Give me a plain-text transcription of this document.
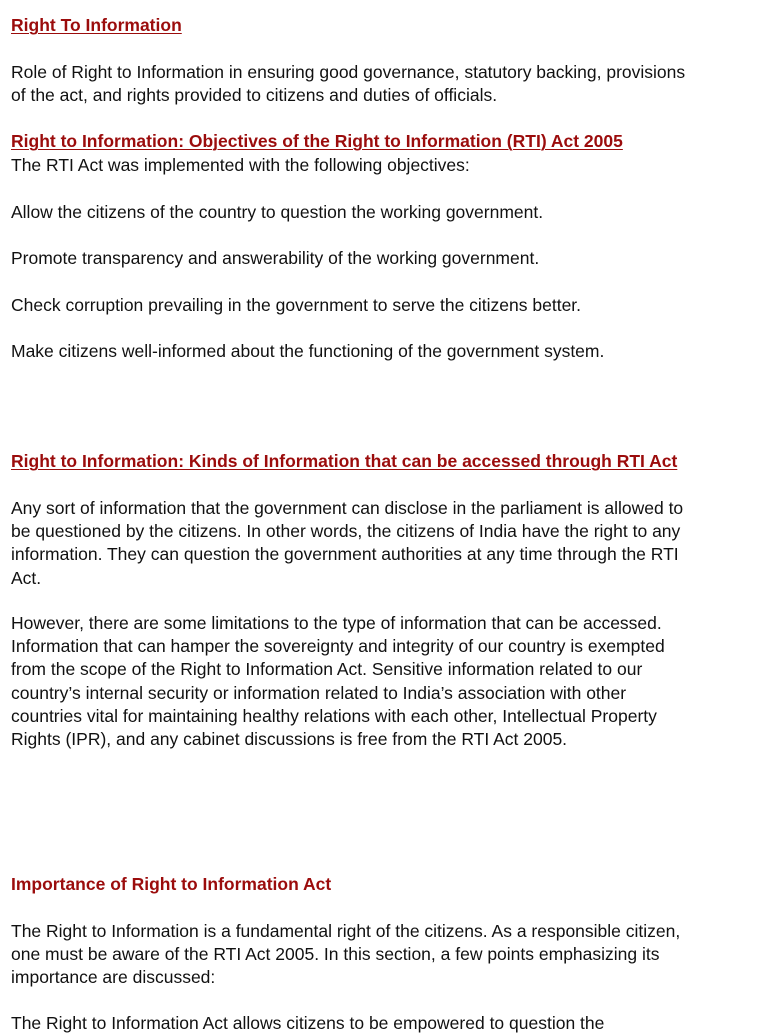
Right To Information
Role of Right to Information in ensuring good governance, statutory backing, provisions
of the act, and rights provided to citizens and duties of officials.
Right to Information: Objectives of the Right to Information (RTI) Act 2005
The RTI Act was implemented with the following objectives:
Allow the citizens of the country to question the working government.
Promote transparency and answerability of the working government.
Check corruption prevailing in the government to serve the citizens better.
Make citizens well-informed about the functioning of the government system.
Right to Information: Kinds of Information that can be accessed through RTI Act
Any sort of information that the government can disclose in the parliament is allowed to
be questioned by the citizens. In other words, the citizens of India have the right to any
information. They can question the government authorities at any time through the RTI
Act.
However, there are some limitations to the type of information that can be accessed.
Information that can hamper the sovereignty and integrity of our country is exempted
from the scope of the Right to Information Act. Sensitive information related to our
country’s internal security or information related to India’s association with other
countries vital for maintaining healthy relations with each other, Intellectual Property
Rights (IPR), and any cabinet discussions is free from the RTI Act 2005.
Importance of Right to Information Act
The Right to Information is a fundamental right of the citizens. As a responsible citizen,
one must be aware of the RTI Act 2005. In this section, a few points emphasizing its
importance are discussed:
The Right to Information Act allows citizens to be empowered to question the
